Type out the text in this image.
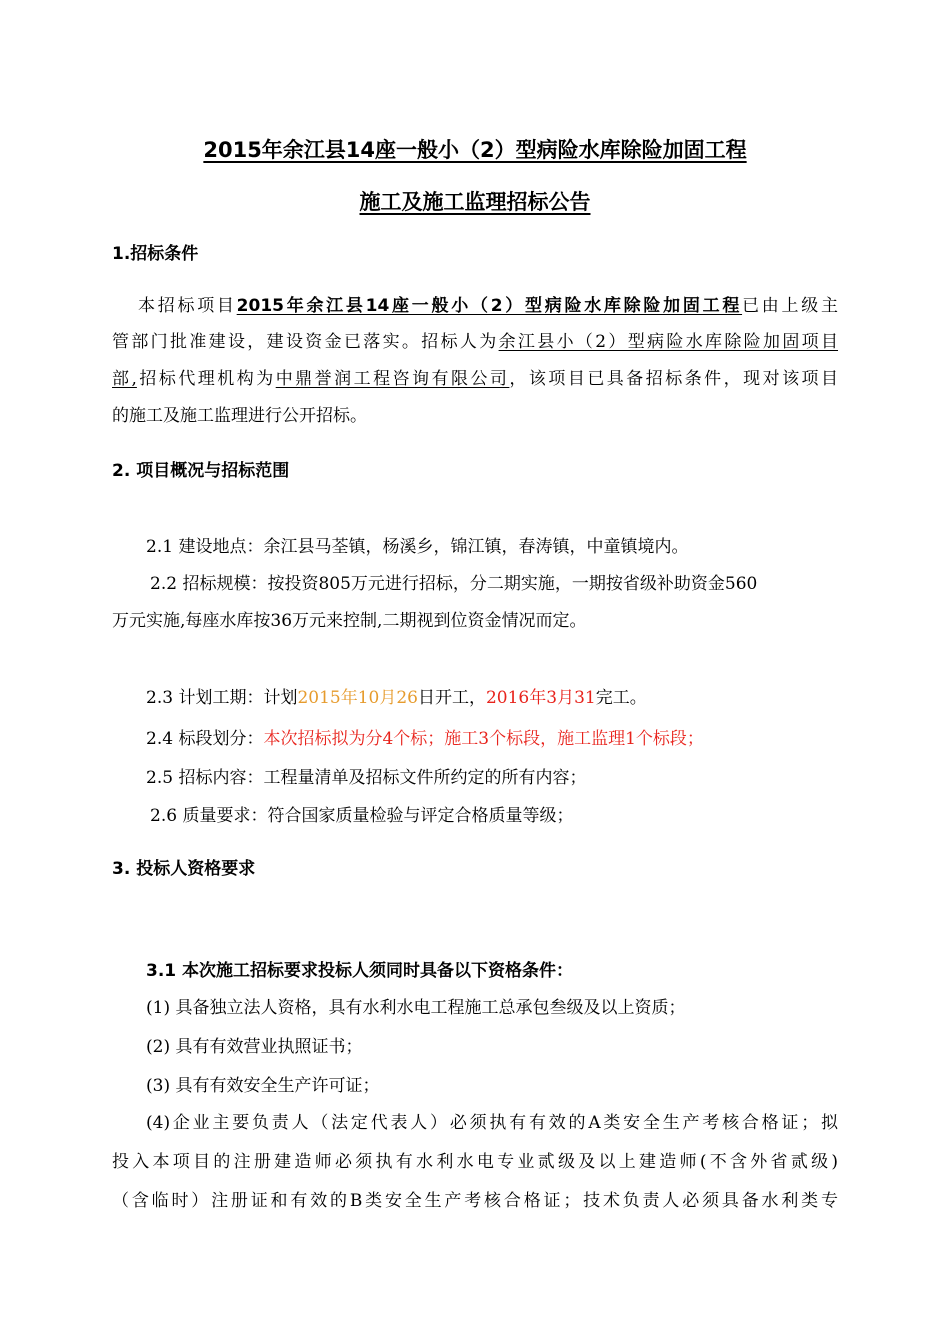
2015年余江县14座一般小（2）型病险水库除险加固工程
施工及施工监理招标公告
1.招标条件
本招标项目2015年余江县14座一般小（2）型病险水库除险加固工程已由上级主
管部门批准建设，建设资金已落实。招标人为余江县小（2）型病险水库除险加固项目
部,招标代理机构为中鼎誉润工程咨询有限公司，该项目已具备招标条件，现对该项目
的施工及施工监理进行公开招标。
2. 项目概况与招标范围
2.1 建设地点：余江县马荃镇，杨溪乡，锦江镇，春涛镇，中童镇境内。
2.2 招标规模：按投资805万元进行招标，分二期实施，一期按省级补助资金560
万元实施,每座水库按36万元来控制,二期视到位资金情况而定。
2.3 计划工期：计划2015年10月26日开工，2016年3月31完工。
2.4 标段划分：本次招标拟为分4个标；施工3个标段，施工监理1个标段；
2.5 招标内容：工程量清单及招标文件所约定的所有内容；
2.6 质量要求：符合国家质量检验与评定合格质量等级；
3. 投标人资格要求
3.1 本次施工招标要求投标人须同时具备以下资格条件：
(1) 具备独立法人资格，具有水利水电工程施工总承包叁级及以上资质；
(2) 具有有效营业执照证书；
(3) 具有有效安全生产许可证；
(4)企业主要负责人（法定代表人）必须执有有效的A类安全生产考核合格证；拟
投入本项目的注册建造师必须执有水利水电专业贰级及以上建造师(不含外省贰级)
（含临时）注册证和有效的B类安全生产考核合格证；技术负责人必须具备水利类专
